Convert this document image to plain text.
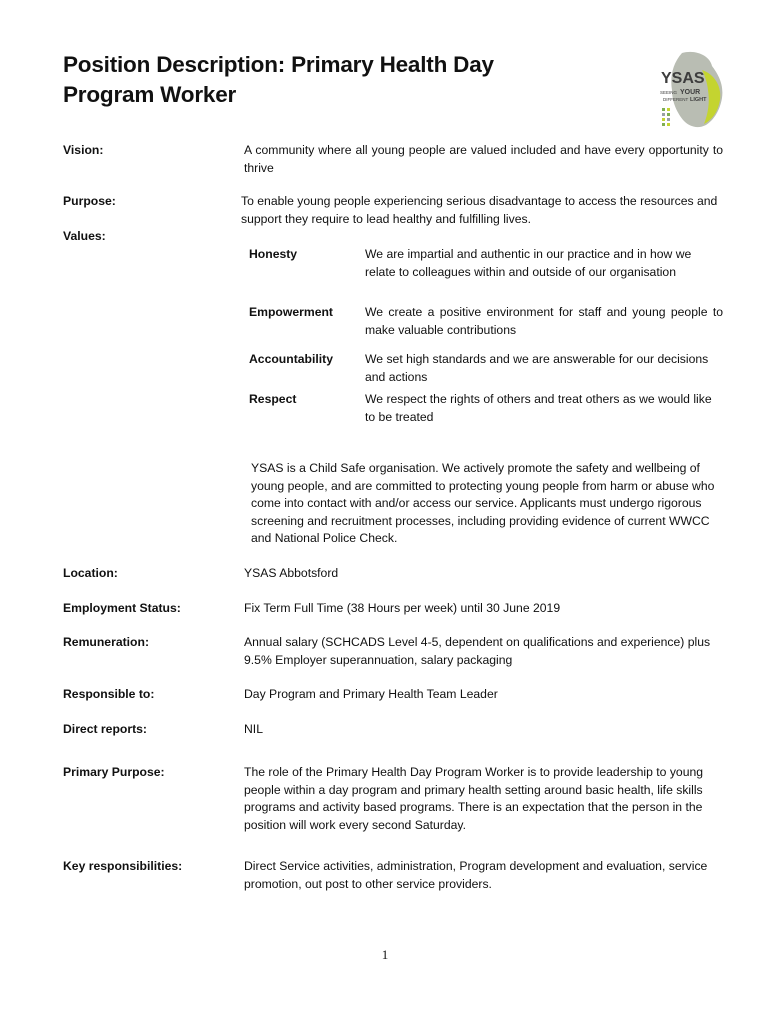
Position Description: Primary Health Day
Program Worker
YSAS
SEEING YOUR
DIFFERENT LIGHT
Vision:	A community where all young people are valued included and have every opportunity to thrive
Purpose:	To enable young people experiencing serious disadvantage to access the resources and support they require to lead healthy and fulfilling lives.
Values:
Honesty	We are impartial and authentic in our practice and in how we relate to colleagues within and outside of our organisation
Empowerment	We create a positive environment for staff and young people to make valuable contributions
Accountability	We set high standards and we are answerable for our decisions and actions
Respect	We respect the rights of others and treat others as we would like to be treated
YSAS is a Child Safe organisation. We actively promote the safety and wellbeing of young people, and are committed to protecting young people from harm or abuse who come into contact with and/or access our service. Applicants must undergo rigorous screening and recruitment processes, including providing evidence of current WWCC and National Police Check.
Location:	YSAS Abbotsford
Employment Status:	Fix Term Full Time (38 Hours per week) until 30 June 2019
Remuneration:	Annual salary (SCHCADS Level 4-5, dependent on qualifications and experience) plus 9.5% Employer superannuation, salary packaging
Responsible to:	Day Program and Primary Health Team Leader
Direct reports:	NIL
Primary Purpose:	The role of the Primary Health Day Program Worker is to provide leadership to young people within a day program and primary health setting around basic health, life skills programs and activity based programs. There is an expectation that the person in the position will work every second Saturday.
Key responsibilities:	Direct Service activities, administration, Program development and evaluation, service promotion, out post to other service providers.
1
